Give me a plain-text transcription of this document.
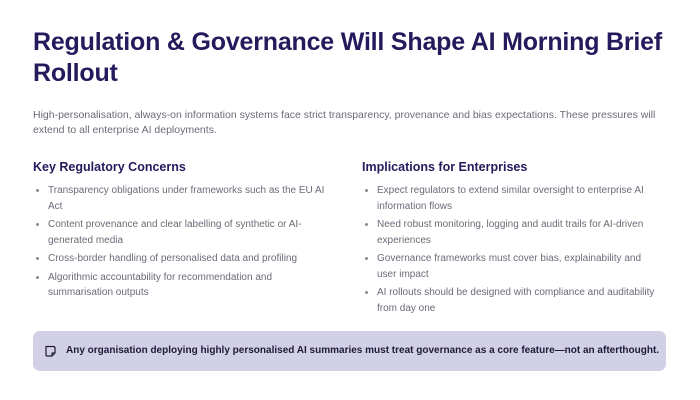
Regulation & Governance Will Shape AI Morning Brief Rollout

High-personalisation, always-on information systems face strict transparency, provenance and bias expectations. These pressures will extend to all enterprise AI deployments.

Key Regulatory Concerns
Transparency obligations under frameworks such as the EU AI Act
Content provenance and clear labelling of synthetic or AI-generated media
Cross-border handling of personalised data and profiling
Algorithmic accountability for recommendation and summarisation outputs
Implications for Enterprises
Expect regulators to extend similar oversight to enterprise AI information flows
Need robust monitoring, logging and audit trails for AI-driven experiences
Governance frameworks must cover bias, explainability and user impact
AI rollouts should be designed with compliance and auditability from day one
Any organisation deploying highly personalised AI summaries must treat governance as a core feature—not an afterthought.
